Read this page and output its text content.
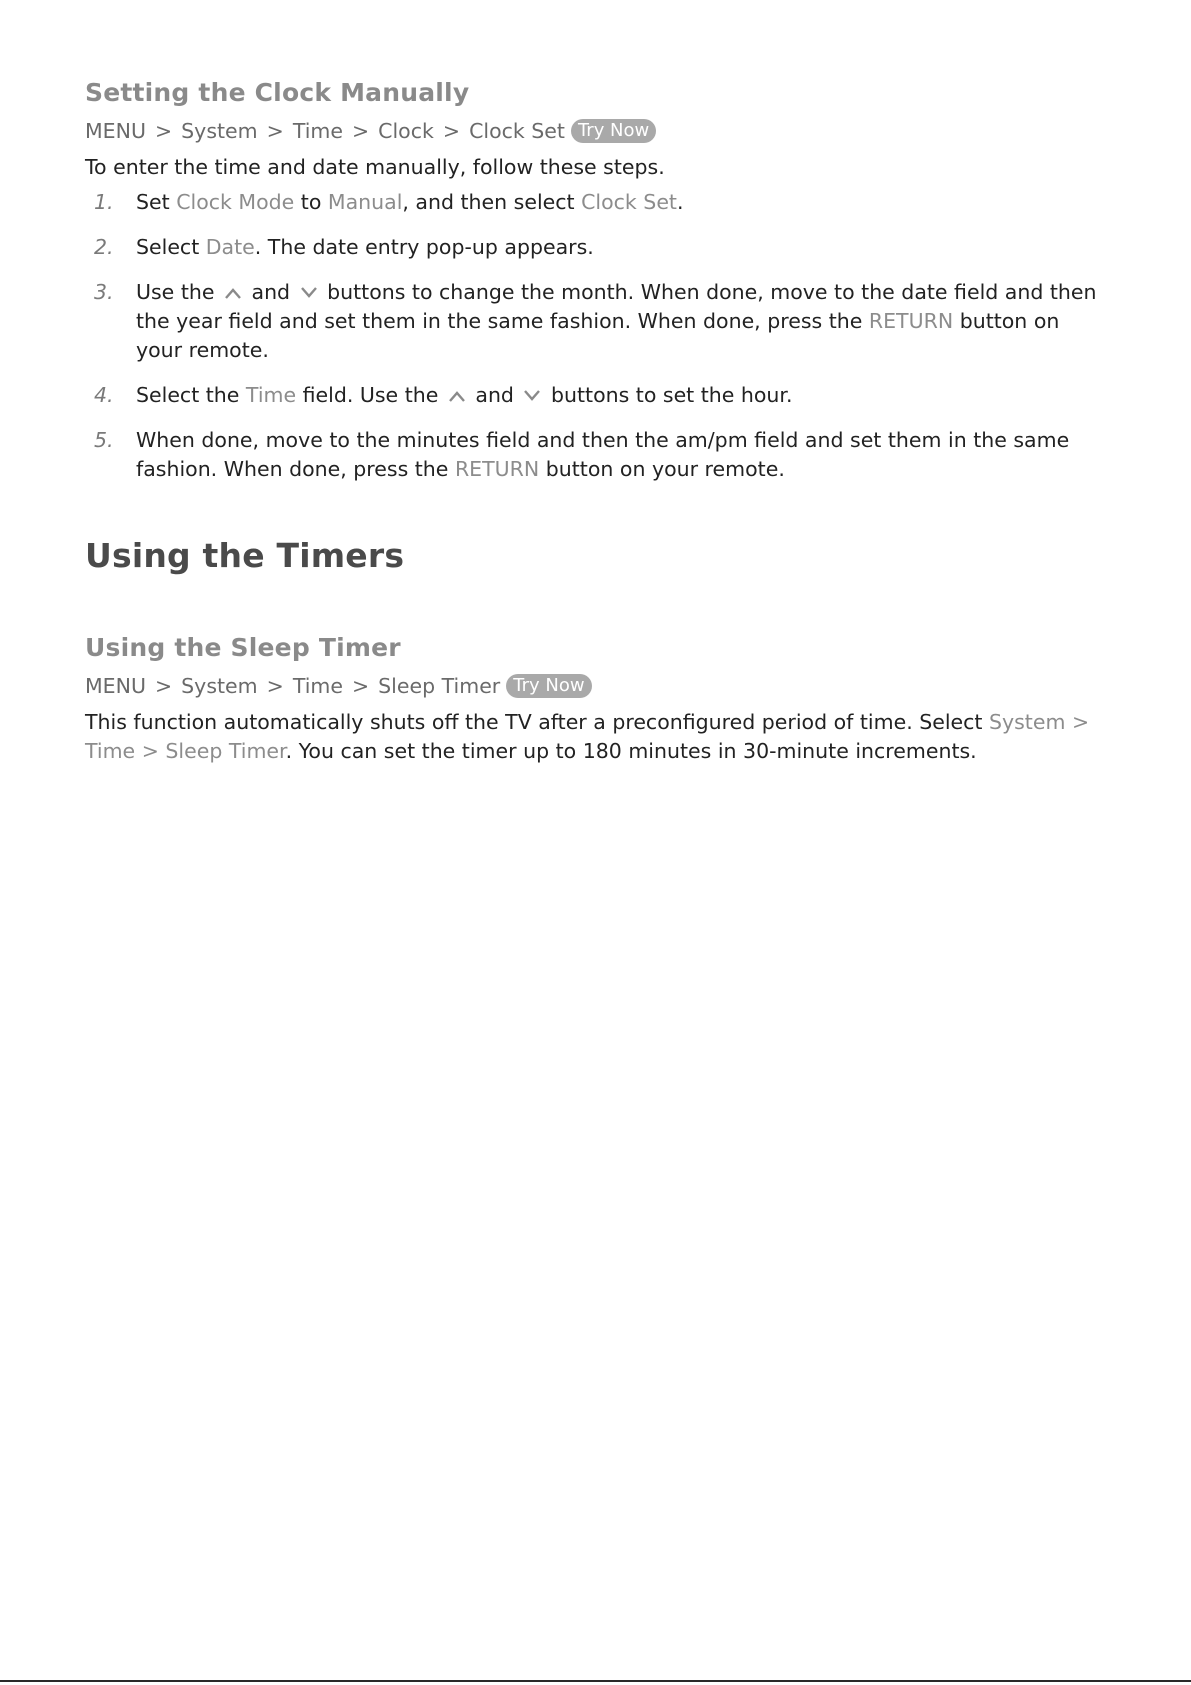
Setting the Clock Manually
MENU > System > Time > Clock > Clock Set Try Now

To enter the time and date manually, follow these steps.

1. Set Clock Mode to Manual, and then select Clock Set.
2. Select Date. The date entry pop-up appears.
3. Use the  and  buttons to change the month. When done, move to the date field and then the year field and set them in the same fashion. When done, press the RETURN button on your remote.
4. Select the Time field. Use the  and  buttons to set the hour.
5. When done, move to the minutes field and then the am/pm field and set them in the same fashion. When done, press the RETURN button on your remote.
Using the Timers
Using the Sleep Timer
MENU > System > Time > Sleep Timer Try Now

This function automatically shuts off the TV after a preconfigured period of time. Select System > Time > Sleep Timer. You can set the timer up to 180 minutes in 30-minute increments.
